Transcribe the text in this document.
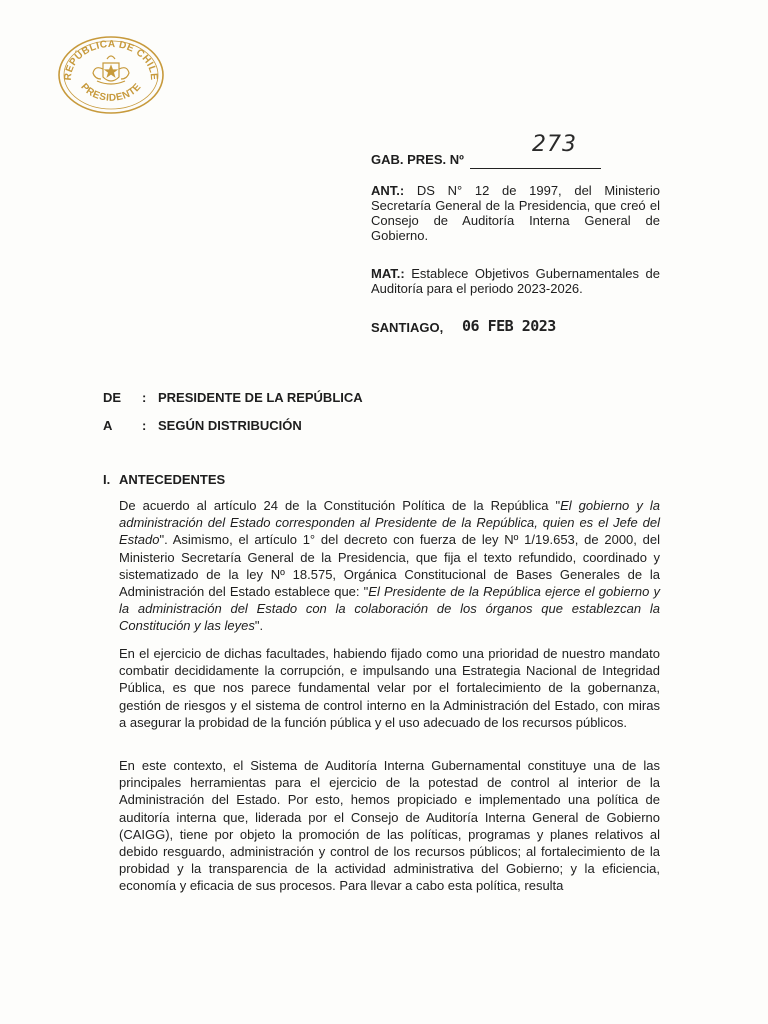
REPÚBLICA DE CHILE
PRESIDENTE
GAB. PRES. Nº
273
ANT.: DS N° 12 de 1997, del Ministerio Secretaría General de la Presidencia, que creó el Consejo de Auditoría Interna General de Gobierno.
MAT.: Establece Objetivos Gubernamentales de Auditoría para el periodo 2023-2026.
SANTIAGO, 06 FEB 2023
DE : PRESIDENTE DE LA REPÚBLICA
A : SEGÚN DISTRIBUCIÓN
I. ANTECEDENTES

De acuerdo al artículo 24 de la Constitución Política de la República "El gobierno y la administración del Estado corresponden al Presidente de la República, quien es el Jefe del Estado". Asimismo, el artículo 1° del decreto con fuerza de ley Nº 1/19.653, de 2000, del Ministerio Secretaría General de la Presidencia, que fija el texto refundido, coordinado y sistematizado de la ley Nº 18.575, Orgánica Constitucional de Bases Generales de la Administración del Estado establece que: "El Presidente de la República ejerce el gobierno y la administración del Estado con la colaboración de los órganos que establezcan la Constitución y las leyes".

En el ejercicio de dichas facultades, habiendo fijado como una prioridad de nuestro mandato combatir decididamente la corrupción, e impulsando una Estrategia Nacional de Integridad Pública, es que nos parece fundamental velar por el fortalecimiento de la gobernanza, gestión de riesgos y el sistema de control interno en la Administración del Estado, con miras a asegurar la probidad de la función pública y el uso adecuado de los recursos públicos.

En este contexto, el Sistema de Auditoría Interna Gubernamental constituye una de las principales herramientas para el ejercicio de la potestad de control al interior de la Administración del Estado. Por esto, hemos propiciado e implementado una política de auditoría interna que, liderada por el Consejo de Auditoría Interna General de Gobierno (CAIGG), tiene por objeto la promoción de las políticas, programas y planes relativos al debido resguardo, administración y control de los recursos públicos; al fortalecimiento de la probidad y la transparencia de la actividad administrativa del Gobierno; y la eficiencia, economía y eficacia de sus procesos. Para llevar a cabo esta política, resulta
